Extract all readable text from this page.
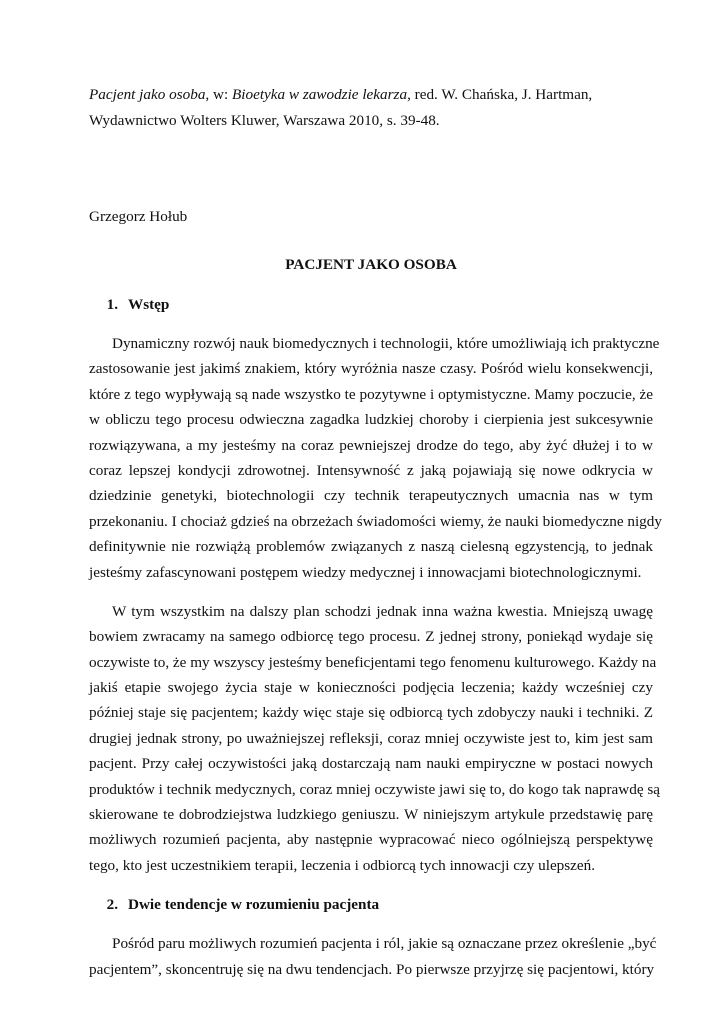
Pacjent jako osoba, w: Bioetyka w zawodzie lekarza, red. W. Chańska, J. Hartman,
Wydawnictwo Wolters Kluwer, Warszawa 2010, s. 39-48.

Grzegorz Hołub

PACJENT JAKO OSOBA

1. Wstęp

Dynamiczny rozwój nauk biomedycznych i technologii, które umożliwiają ich praktyczne
zastosowanie jest jakimś znakiem, który wyróżnia nasze czasy. Pośród wielu konsekwencji,
które z tego wypływają są nade wszystko te pozytywne i optymistyczne. Mamy poczucie, że
w obliczu tego procesu odwieczna zagadka ludzkiej choroby i cierpienia jest sukcesywnie
rozwiązywana, a my jesteśmy na coraz pewniejszej drodze do tego, aby żyć dłużej i to w
coraz lepszej kondycji zdrowotnej. Intensywność z jaką pojawiają się nowe odkrycia w
dziedzinie genetyki, biotechnologii czy technik terapeutycznych umacnia nas w tym
przekonaniu. I chociaż gdzieś na obrzeżach świadomości wiemy, że nauki biomedyczne nigdy
definitywnie nie rozwiążą problemów związanych z naszą cielesną egzystencją, to jednak
jesteśmy zafascynowani postępem wiedzy medycznej i innowacjami biotechnologicznymi.
W tym wszystkim na dalszy plan schodzi jednak inna ważna kwestia. Mniejszą uwagę
bowiem zwracamy na samego odbiorcę tego procesu. Z jednej strony, poniekąd wydaje się
oczywiste to, że my wszyscy jesteśmy beneficjentami tego fenomenu kulturowego. Każdy na
jakiś etapie swojego życia staje w konieczności podjęcia leczenia; każdy wcześniej czy
później staje się pacjentem; każdy więc staje się odbiorcą tych zdobyczy nauki i techniki. Z
drugiej jednak strony, po uważniejszej refleksji, coraz mniej oczywiste jest to, kim jest sam
pacjent. Przy całej oczywistości jaką dostarczają nam nauki empiryczne w postaci nowych
produktów i technik medycznych, coraz mniej oczywiste jawi się to, do kogo tak naprawdę są
skierowane te dobrodziejstwa ludzkiego geniuszu. W niniejszym artykule przedstawię parę
możliwych rozumień pacjenta, aby następnie wypracować nieco ogólniejszą perspektywę
tego, kto jest uczestnikiem terapii, leczenia i odbiorcą tych innowacji czy ulepszeń.

2. Dwie tendencje w rozumieniu pacjenta

Pośród paru możliwych rozumień pacjenta i ról, jakie są oznaczane przez określenie „być
pacjentem”, skoncentruję się na dwu tendencjach. Po pierwsze przyjrzę się pacjentowi, który
